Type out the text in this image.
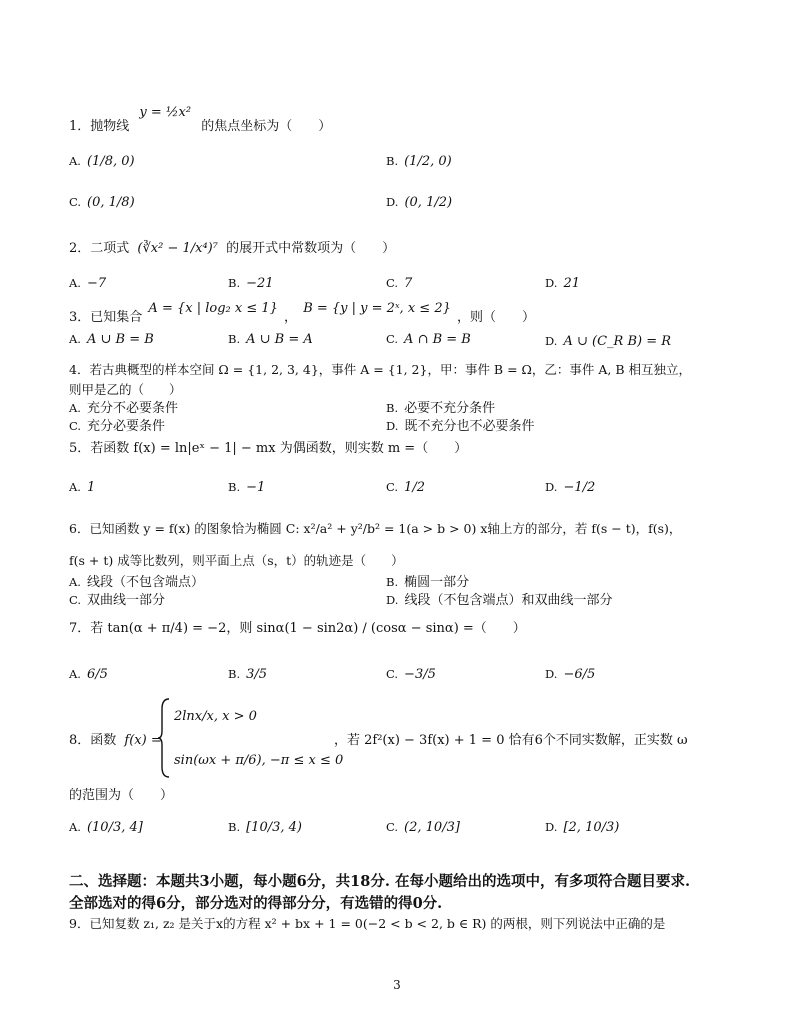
1．抛物线 y = ½x² 的焦点坐标为（　　）
A. (1/8, 0)	B. (1/2, 0)
C. (0, 1/8)	D. (0, 1/2)
2．二项式 (∛x² − 1/x⁴)⁷ 的展开式中常数项为（　　）
A. −7	B. −21	C. 7	D. 21
3．已知集合 A = {x | log₂ x ≤ 1} ， B = {y | y = 2ˣ, x ≤ 2} ，则（　　）
A. A ∪ B = B	B. A ∪ B = A	C. A ∩ B = B	D. A ∪ (C_R B) = R
4．若古典概型的样本空间 Ω = {1, 2, 3, 4}，事件 A = {1, 2}，甲：事件 B = Ω，乙：事件 A, B 相互独立，
则甲是乙的（　　）
A. 充分不必要条件	B. 必要不充分条件
C. 充分必要条件	D. 既不充分也不必要条件
5．若函数 f(x) = ln|eˣ − 1| − mx 为偶函数，则实数 m =（　　）
A. 1	B. −1	C. 1/2	D. −1/2
6．已知函数 y = f(x) 的图象恰为椭圆 C: x²/a² + y²/b² = 1(a > b > 0) x轴上方的部分，若 f(s − t)，f(s)，
f(s + t) 成等比数列，则平面上点（s，t）的轨迹是（　　）
A. 线段（不包含端点）	B. 椭圆一部分
C. 双曲线一部分	D. 线段（不包含端点）和双曲线一部分
7．若 tan(α + π/4) = −2，则 sinα(1 − sin2α) / (cosα − sinα) =（　　）
A. 6/5	B. 3/5	C. −3/5	D. −6/5
8．函数 f(x) =
2lnx/x, x > 0
sin(ωx + π/6), −π ≤ x ≤ 0
，若 2f²(x) − 3f(x) + 1 = 0 恰有6个不同实数解，正实数 ω
的范围为（　　）
A. (10/3, 4]	B. [10/3, 4)	C. (2, 10/3]	D. [2, 10/3)
二、选择题：本题共3小题，每小题6分，共18分. 在每小题给出的选项中，有多项符合题目要求. 全部选对的得6分，部分选对的得部分分，有选错的得0分.
9．已知复数 z₁, z₂ 是关于x的方程 x² + bx + 1 = 0(−2 < b < 2, b ∈ R) 的两根，则下列说法中正确的是
3
